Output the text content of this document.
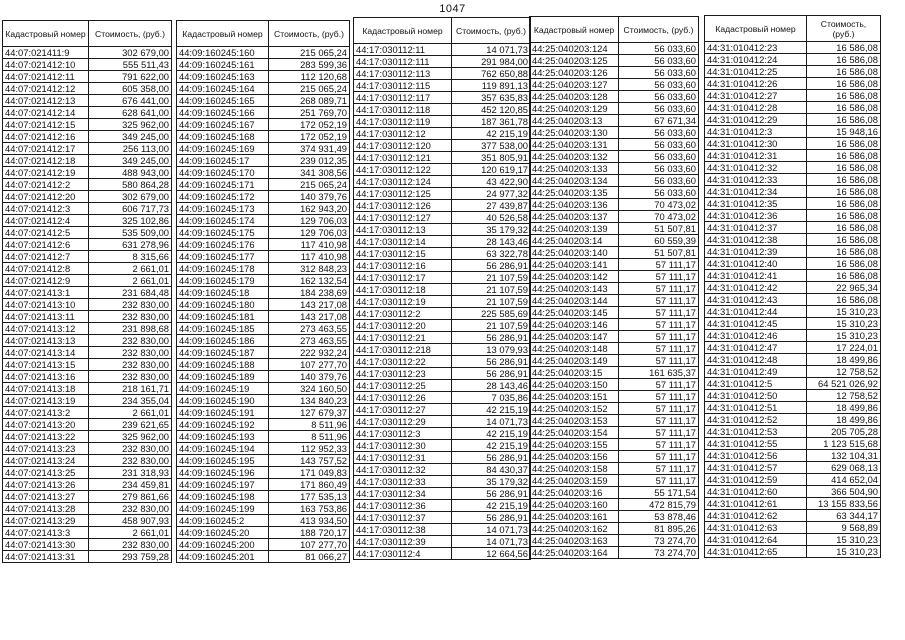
1047
Кадастровый номер	Стоимость, (руб.)
44:07:021411:9	302 679,00
44:07:021412:10	555 511,43
44:07:021412:11	791 622,00
44:07:021412:12	605 358,00
44:07:021412:13	676 441,00
44:07:021412:14	628 641,00
44:07:021412:15	325 962,00
44:07:021412:16	349 245,00
44:07:021412:17	256 113,00
44:07:021412:18	349 245,00
44:07:021412:19	488 943,00
44:07:021412:2	580 864,28
44:07:021412:20	302 679,00
44:07:021412:3	606 717,73
44:07:021412:4	325 102,86
44:07:021412:5	535 509,00
44:07:021412:6	631 278,96
44:07:021412:7	8 315,66
44:07:021412:8	2 661,01
44:07:021412:9	2 661,01
44:07:021413:1	231 684,48
44:07:021413:10	232 830,00
44:07:021413:11	232 830,00
44:07:021413:12	231 898,68
44:07:021413:13	232 830,00
44:07:021413:14	232 830,00
44:07:021413:15	232 830,00
44:07:021413:16	232 830,00
44:07:021413:18	218 161,71
44:07:021413:19	234 355,04
44:07:021413:2	2 661,01
44:07:021413:20	239 621,65
44:07:021413:22	325 962,00
44:07:021413:23	232 830,00
44:07:021413:24	232 830,00
44:07:021413:25	231 318,93
44:07:021413:26	234 459,81
44:07:021413:27	279 861,66
44:07:021413:28	232 830,00
44:07:021413:29	458 907,93
44:07:021413:3	2 661,01
44:07:021413:30	232 830,00
44:07:021413:31	293 759,28
Кадастровый номер	Стоимость, (руб.)
44:09:160245:160	215 065,24
44:09:160245:161	283 599,36
44:09:160245:163	112 120,68
44:09:160245:164	215 065,24
44:09:160245:165	268 089,71
44:09:160245:166	251 769,70
44:09:160245:167	172 052,19
44:09:160245:168	172 052,19
44:09:160245:169	374 931,49
44:09:160245:17	239 012,35
44:09:160245:170	341 308,56
44:09:160245:171	215 065,24
44:09:160245:172	140 379,76
44:09:160245:173	162 943,20
44:09:160245:174	129 706,03
44:09:160245:175	129 706,03
44:09:160245:176	117 410,98
44:09:160245:177	117 410,98
44:09:160245:178	312 848,23
44:09:160245:179	162 132,54
44:09:160245:18	184 238,69
44:09:160245:180	143 217,08
44:09:160245:181	143 217,08
44:09:160245:185	273 463,55
44:09:160245:186	273 463,55
44:09:160245:187	222 932,24
44:09:160245:188	107 277,70
44:09:160245:189	140 379,76
44:09:160245:19	324 160,50
44:09:160245:190	134 840,23
44:09:160245:191	127 679,37
44:09:160245:192	8 511,96
44:09:160245:193	8 511,96
44:09:160245:194	112 952,33
44:09:160245:195	143 757,52
44:09:160245:196	171 049,83
44:09:160245:197	171 860,49
44:09:160245:198	177 535,13
44:09:160245:199	163 753,86
44:09:160245:2	413 934,50
44:09:160245:20	188 720,17
44:09:160245:200	107 277,70
44:09:160245:201	81 066,27
Кадастровый номер	Стоимость, (руб.)
44:17:030112:11	14 071,73
44:17:030112:111	291 984,00
44:17:030112:113	762 650,88
44:17:030112:115	119 891,13
44:17:030112:117	357 635,83
44:17:030112:118	452 120,85
44:17:030112:119	187 361,78
44:17:030112:12	42 215,19
44:17:030112:120	377 538,00
44:17:030112:121	351 805,91
44:17:030112:122	120 619,17
44:17:030112:124	43 422,90
44:17:030112:125	24 977,32
44:17:030112:126	27 439,87
44:17:030112:127	40 526,58
44:17:030112:13	35 179,32
44:17:030112:14	28 143,46
44:17:030112:15	63 322,78
44:17:030112:16	56 286,91
44:17:030112:17	21 107,59
44:17:030112:18	21 107,59
44:17:030112:19	21 107,59
44:17:030112:2	225 585,69
44:17:030112:20	21 107,59
44:17:030112:21	56 286,91
44:17:030112:218	13 079,93
44:17:030112:22	56 286,91
44:17:030112:23	56 286,91
44:17:030112:25	28 143,46
44:17:030112:26	7 035,86
44:17:030112:27	42 215,19
44:17:030112:29	14 071,73
44:17:030112:3	42 215,19
44:17:030112:30	42 215,19
44:17:030112:31	56 286,91
44:17:030112:32	84 430,37
44:17:030112:33	35 179,32
44:17:030112:34	56 286,91
44:17:030112:36	42 215,19
44:17:030112:37	56 286,91
44:17:030112:38	14 071,73
44:17:030112:39	14 071,73
44:17:030112:4	12 664,56
Кадастровый номер	Стоимость, (руб.)
44:25:040203:124	56 033,60
44:25:040203:125	56 033,60
44:25:040203:126	56 033,60
44:25:040203:127	56 033,60
44:25:040203:128	56 033,60
44:25:040203:129	56 033,60
44:25:040203:13	67 671,34
44:25:040203:130	56 033,60
44:25:040203:131	56 033,60
44:25:040203:132	56 033,60
44:25:040203:133	56 033,60
44:25:040203:134	56 033,60
44:25:040203:135	56 033,60
44:25:040203:136	70 473,02
44:25:040203:137	70 473,02
44:25:040203:139	51 507,81
44:25:040203:14	60 559,39
44:25:040203:140	51 507,81
44:25:040203:141	57 111,17
44:25:040203:142	57 111,17
44:25:040203:143	57 111,17
44:25:040203:144	57 111,17
44:25:040203:145	57 111,17
44:25:040203:146	57 111,17
44:25:040203:147	57 111,17
44:25:040203:148	57 111,17
44:25:040203:149	57 111,17
44:25:040203:15	161 635,37
44:25:040203:150	57 111,17
44:25:040203:151	57 111,17
44:25:040203:152	57 111,17
44:25:040203:153	57 111,17
44:25:040203:154	57 111,17
44:25:040203:155	57 111,17
44:25:040203:156	57 111,17
44:25:040203:158	57 111,17
44:25:040203:159	57 111,17
44:25:040203:16	55 171,54
44:25:040203:160	472 815,79
44:25:040203:161	53 878,46
44:25:040203:162	81 895,26
44:25:040203:163	73 274,70
44:25:040203:164	73 274,70
Кадастровый номер	Стоимость, (руб.)
44:31:010412:23	16 586,08
44:31:010412:24	16 586,08
44:31:010412:25	16 586,08
44:31:010412:26	16 586,08
44:31:010412:27	16 586,08
44:31:010412:28	16 586,08
44:31:010412:29	16 586,08
44:31:010412:3	15 948,16
44:31:010412:30	16 586,08
44:31:010412:31	16 586,08
44:31:010412:32	16 586,08
44:31:010412:33	16 586,08
44:31:010412:34	16 586,08
44:31:010412:35	16 586,08
44:31:010412:36	16 586,08
44:31:010412:37	16 586,08
44:31:010412:38	16 586,08
44:31:010412:39	16 586,08
44:31:010412:40	16 586,08
44:31:010412:41	16 586,08
44:31:010412:42	22 965,34
44:31:010412:43	16 586,08
44:31:010412:44	15 310,23
44:31:010412:45	15 310,23
44:31:010412:46	15 310,23
44:31:010412:47	17 224,01
44:31:010412:48	18 499,86
44:31:010412:49	12 758,52
44:31:010412:5	64 521 026,92
44:31:010412:50	12 758,52
44:31:010412:51	18 499,86
44:31:010412:52	18 499,86
44:31:010412:53	205 705,28
44:31:010412:55	1 123 515,68
44:31:010412:56	132 104,31
44:31:010412:57	629 068,13
44:31:010412:59	414 652,04
44:31:010412:60	366 504,90
44:31:010412:61	13 155 833,56
44:31:010412:62	63 344,17
44:31:010412:63	9 568,89
44:31:010412:64	15 310,23
44:31:010412:65	15 310,23
